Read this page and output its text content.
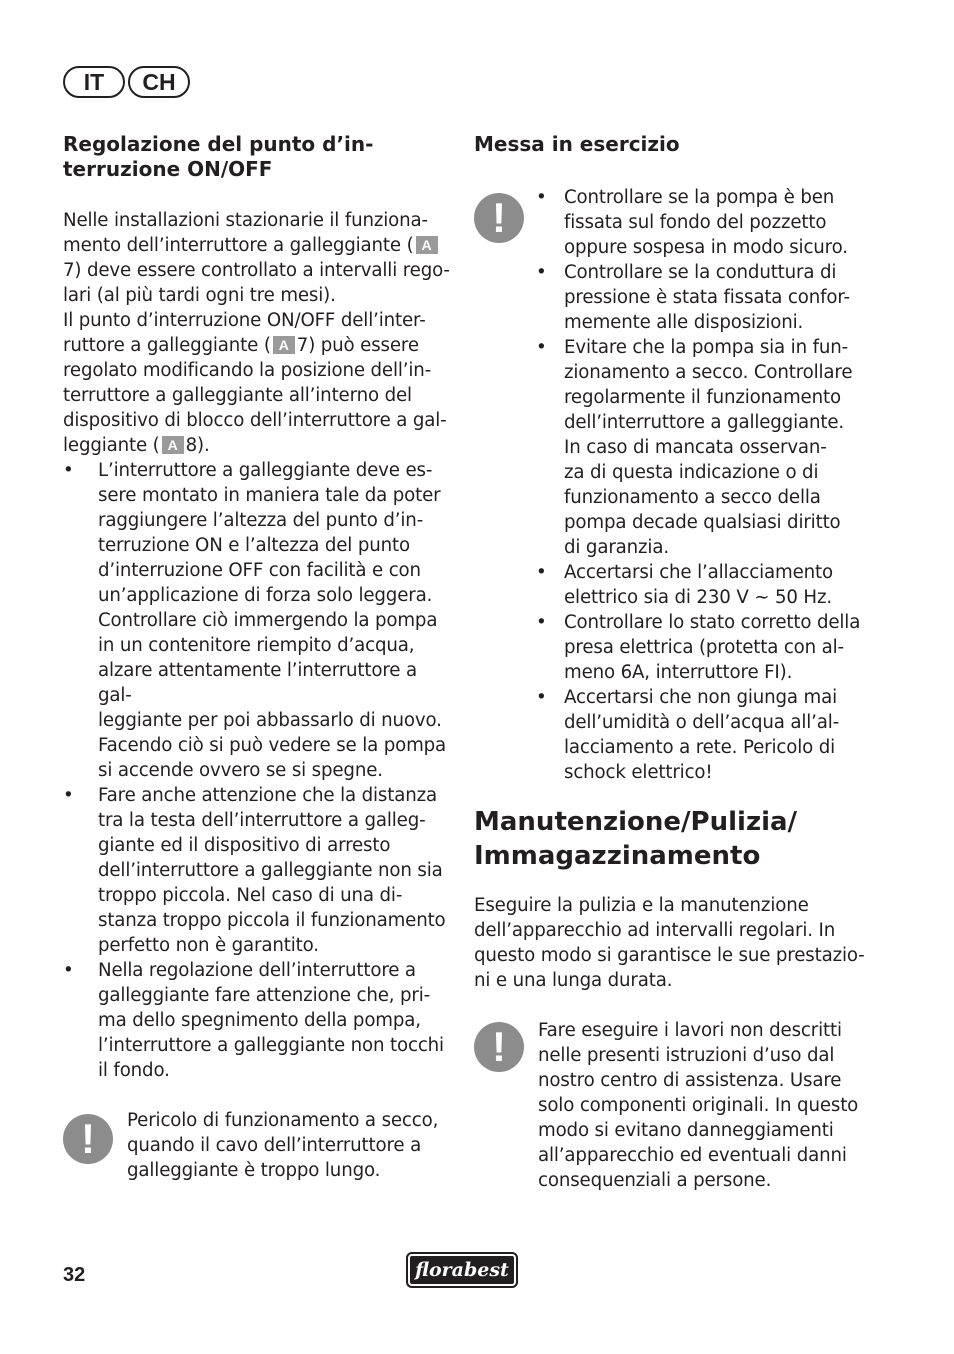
IT	CH
Regolazione del punto d’in-
terruzione ON/OFF

Nelle installazioni stazionarie il funziona-
mento dell’interruttore a galleggiante ( A
7) deve essere controllato a intervalli rego-
lari (al più tardi ogni tre mesi).

Il punto d’interruzione ON/OFF dell’inter-
ruttore a galleggiante ( A 7) può essere
regolato modificando la posizione dell’in-
terruttore a galleggiante all’interno del
dispositivo di blocco dell’interruttore a gal-
leggiante ( A 8).

• L’interruttore a galleggiante deve es-
sere montato in maniera tale da poter
raggiungere l’altezza del punto d’in-
terruzione ON e l’altezza del punto
d’interruzione OFF con facilità e con
un’applicazione di forza solo leggera.
Controllare ciò immergendo la pompa
in un contenitore riempito d’acqua,
alzare attentamente l’interruttore a gal-
leggiante per poi abbassarlo di nuovo.
Facendo ciò si può vedere se la pompa
si accende ovvero se si spegne.
• Fare anche attenzione che la distanza
tra la testa dell’interruttore a galleg-
giante ed il dispositivo di arresto
dell’interruttore a galleggiante non sia
troppo piccola. Nel caso di una di-
stanza troppo piccola il funzionamento
perfetto non è garantito.
• Nella regolazione dell’interruttore a
galleggiante fare attenzione che, pri-
ma dello spegnimento della pompa,
l’interruttore a galleggiante non tocchi
il fondo.
!	Pericolo di funzionamento a secco,
quando il cavo dell’interruttore a
galleggiante è troppo lungo.

Messa in esercizio
!
•	Controllare se la pompa è ben
fissata sul fondo del pozzetto
oppure sospesa in modo sicuro.
• Controllare se la conduttura di
pressione è stata fissata confor-
memente alle disposizioni.
• Evitare che la pompa sia in fun-
zionamento a secco. Controllare
regolarmente il funzionamento
dell’interruttore a galleggiante.
In caso di mancata osservan-
za di questa indicazione o di
funzionamento a secco della
pompa decade qualsiasi diritto
di garanzia.
• Accertarsi che l’allacciamento
elettrico sia di 230 V ~ 50 Hz.
• Controllare lo stato corretto della
presa elettrica (protetta con al-
meno 6A, interruttore FI).
• Accertarsi che non giunga mai
dell’umidità o dell’acqua all’al-
lacciamento a rete. Pericolo di
schock elettrico!
Manutenzione/Pulizia/
Immagazzinamento

Eseguire la pulizia e la manutenzione
dell’apparecchio ad intervalli regolari. In
questo modo si garantisce le sue prestazio-
ni e una lunga durata.

!	Fare eseguire i lavori non descritti
nelle presenti istruzioni d’uso dal
nostro centro di assistenza. Usare
solo componenti originali. In questo
modo si evitano danneggiamenti
all’apparecchio ed eventuali danni
consequenziali a persone.

32	florabest
